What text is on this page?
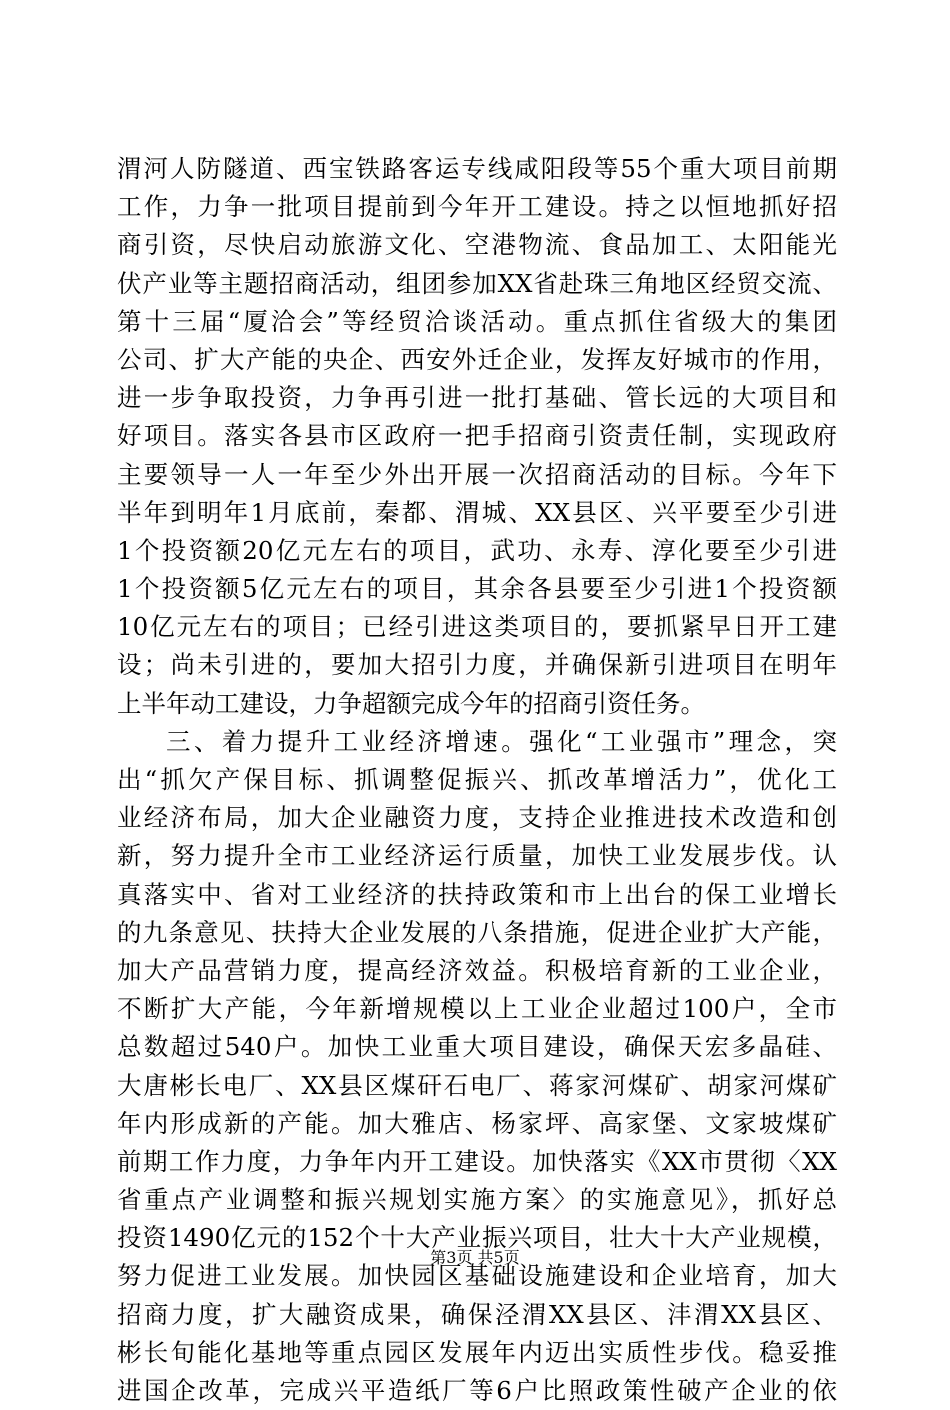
渭河人防隧道、西宝铁路客运专线咸阳段等55个重大项目前期
工作，力争一批项目提前到今年开工建设。持之以恒地抓好招
商引资，尽快启动旅游文化、空港物流、食品加工、太阳能光
伏产业等主题招商活动，组团参加XX省赴珠三角地区经贸交流、
第十三届“厦洽会”等经贸洽谈活动。重点抓住省级大的集团
公司、扩大产能的央企、西安外迁企业，发挥友好城市的作用，
进一步争取投资，力争再引进一批打基础、管长远的大项目和
好项目。落实各县市区政府一把手招商引资责任制，实现政府
主要领导一人一年至少外出开展一次招商活动的目标。今年下
半年到明年1月底前，秦都、渭城、XX县区、兴平要至少引进
1个投资额20亿元左右的项目，武功、永寿、淳化要至少引进
1个投资额5亿元左右的项目，其余各县要至少引进1个投资额
10亿元左右的项目；已经引进这类项目的，要抓紧早日开工建
设；尚未引进的，要加大招引力度，并确保新引进项目在明年
上半年动工建设，力争超额完成今年的招商引资任务。
三、着力提升工业经济增速。强化“工业强市”理念，突
出“抓欠产保目标、抓调整促振兴、抓改革增活力”，优化工
业经济布局，加大企业融资力度，支持企业推进技术改造和创
新，努力提升全市工业经济运行质量，加快工业发展步伐。认
真落实中、省对工业经济的扶持政策和市上出台的保工业增长
的九条意见、扶持大企业发展的八条措施，促进企业扩大产能，
加大产品营销力度，提高经济效益。积极培育新的工业企业，
不断扩大产能，今年新增规模以上工业企业超过100户，全市
总数超过540户。加快工业重大项目建设，确保天宏多晶硅、
大唐彬长电厂、XX县区煤矸石电厂、蒋家河煤矿、胡家河煤矿
年内形成新的产能。加大雅店、杨家坪、高家堡、文家坡煤矿
前期工作力度，力争年内开工建设。加快落实《XX市贯彻〈XX
省重点产业调整和振兴规划实施方案〉的实施意见》，抓好总
投资1490亿元的152个十大产业振兴项目，壮大十大产业规模，
努力促进工业发展。加快园区基础设施建设和企业培育，加大
招商力度，扩大融资成果，确保泾渭XX县区、沣渭XX县区、
彬长旬能化基地等重点园区发展年内迈出实质性步伐。稳妥推
进国企改革，完成兴平造纸厂等6户比照政策性破产企业的依
第3页 共5页
